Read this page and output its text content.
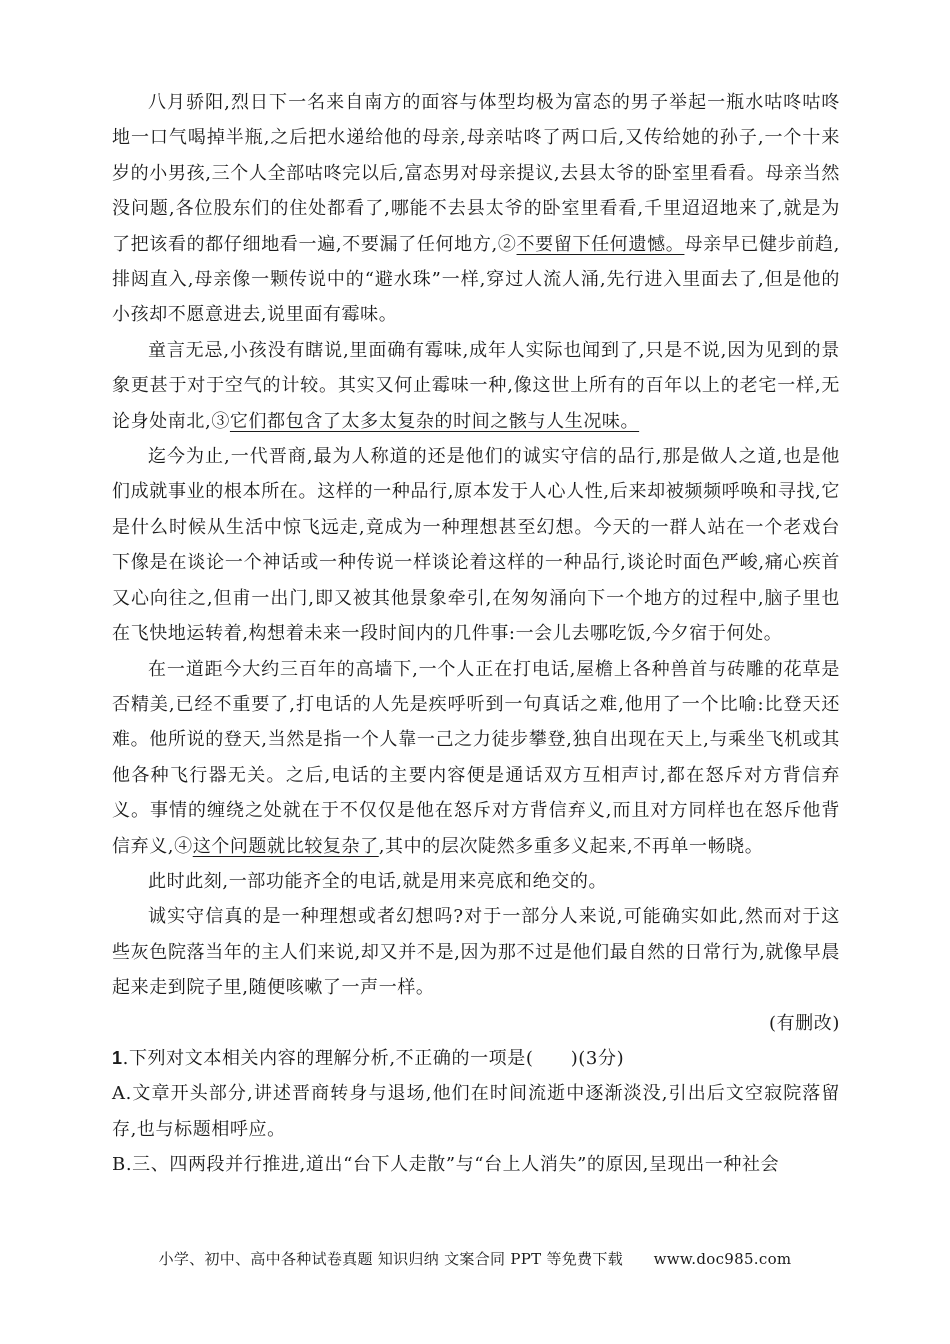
八月骄阳,烈日下一名来自南方的面容与体型均极为富态的男子举起一瓶水咕咚咕咚地一口气喝掉半瓶,之后把水递给他的母亲,母亲咕咚了两口后,又传给她的孙子,一个十来岁的小男孩,三个人全部咕咚完以后,富态男对母亲提议,去县太爷的卧室里看看。母亲当然没问题,各位股东们的住处都看了,哪能不去县太爷的卧室里看看,千里迢迢地来了,就是为了把该看的都仔细地看一遍,不要漏了任何地方,②不要留下任何遗憾。母亲早已健步前趋,排闼直入,母亲像一颗传说中的“避水珠”一样,穿过人流人涌,先行进入里面去了,但是他的小孩却不愿意进去,说里面有霉味。

童言无忌,小孩没有瞎说,里面确有霉味,成年人实际也闻到了,只是不说,因为见到的景象更甚于对于空气的计较。其实又何止霉味一种,像这世上所有的百年以上的老宅一样,无论身处南北,③它们都包含了太多太复杂的时间之骸与人生况味。

迄今为止,一代晋商,最为人称道的还是他们的诚实守信的品行,那是做人之道,也是他们成就事业的根本所在。这样的一种品行,原本发于人心人性,后来却被频频呼唤和寻找,它是什么时候从生活中惊飞远走,竟成为一种理想甚至幻想。今天的一群人站在一个老戏台下像是在谈论一个神话或一种传说一样谈论着这样的一种品行,谈论时面色严峻,痛心疾首又心向往之,但甫一出门,即又被其他景象牵引,在匆匆涌向下一个地方的过程中,脑子里也在飞快地运转着,构想着未来一段时间内的几件事:一会儿去哪吃饭,今夕宿于何处。

在一道距今大约三百年的高墙下,一个人正在打电话,屋檐上各种兽首与砖雕的花草是否精美,已经不重要了,打电话的人先是疾呼听到一句真话之难,他用了一个比喻:比登天还难。他所说的登天,当然是指一个人靠一己之力徒步攀登,独自出现在天上,与乘坐飞机或其他各种飞行器无关。之后,电话的主要内容便是通话双方互相声讨,都在怒斥对方背信弃义。事情的缠绕之处就在于不仅仅是他在怒斥对方背信弃义,而且对方同样也在怒斥他背信弃义,④这个问题就比较复杂了,其中的层次陡然多重多义起来,不再单一畅晓。

此时此刻,一部功能齐全的电话,就是用来亮底和绝交的。

诚实守信真的是一种理想或者幻想吗?对于一部分人来说,可能确实如此,然而对于这些灰色院落当年的主人们来说,却又并不是,因为那不过是他们最自然的日常行为,就像早晨起来走到院子里,随便咳嗽了一声一样。

(有删改)

1.下列对文本相关内容的理解分析,不正确的一项是(　　)(3分)

A.文章开头部分,讲述晋商转身与退场,他们在时间流逝中逐渐淡没,引出后文空寂院落留存,也与标题相呼应。

B.三、四两段并行推进,道出“台下人走散”与“台上人消失”的原因,呈现出一种社会

小学、初中、高中各种试卷真题 知识归纳 文案合同 PPT 等免费下载　　www.doc985.com
